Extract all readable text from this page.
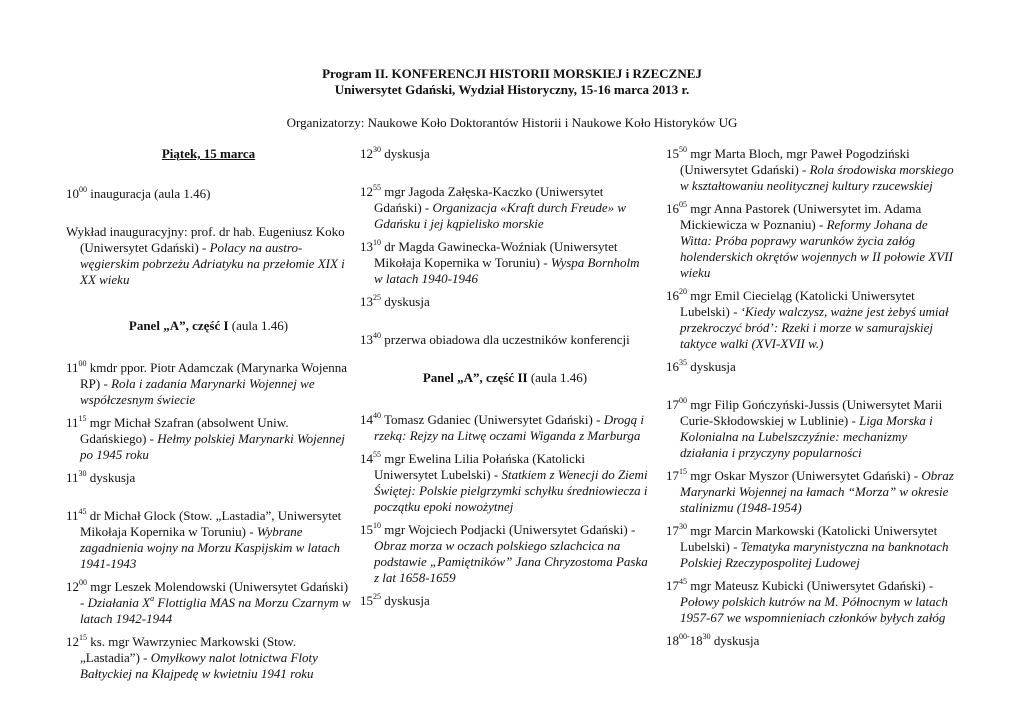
Program II. KONFERENCJI HISTORII MORSKIEJ i RZECZNEJ
Uniwersytet Gdański, Wydział Historyczny, 15-16 marca 2013 r.
Organizatorzy: Naukowe Koło Doktorantów Historii i Naukowe Koło Historyków UG
Piątek, 15 marca

$10^{00}$ inauguracja (aula 1.46)

Wykład inauguracyjny: prof. dr hab. Eugeniusz Koko (Uniwersytet Gdański) - Polacy na austro-węgierskim pobrzeżu Adriatyku na przełomie XIX i XX wieku

Panel „A”, część I (aula 1.46)

$11^{00}$ kmdr ppor. Piotr Adamczak (Marynarka Wojenna RP) - Rola i zadania Marynarki Wojennej we współczesnym świecie

$11^{15}$ mgr Michał Szafran (absolwent Uniw. Gdańskiego) - Hełmy polskiej Marynarki Wojennej po 1945 roku

$11^{30}$ dyskusja

$11^{45}$ dr Michał Glock (Stow. „Lastadia”, Uniwersytet Mikołaja Kopernika w Toruniu) - Wybrane zagadnienia wojny na Morzu Kaspijskim w latach 1941-1943

$12^{00}$ mgr Leszek Molendowski (Uniwersytet Gdański) - Działania $X^a$ Flottiglia MAS na Morzu Czarnym w latach 1942-1944

$12^{15}$ ks. mgr Wawrzyniec Markowski (Stow. „Lastadia”) - Omyłkowy nalot lotnictwa Floty Bałtyckiej na Kłajpedę w kwietniu 1941 roku

$12^{30}$ dyskusja

$12^{55}$ mgr Jagoda Załęska-Kaczko (Uniwersytet Gdański) - Organizacja «Kraft durch Freude» w Gdańsku i jej kąpielisko morskie

$13^{10}$ dr Magda Gawinecka-Woźniak (Uniwersytet Mikołaja Kopernika w Toruniu) - Wyspa Bornholm w latach 1940-1946

$13^{25}$ dyskusja

$13^{40}$ przerwa obiadowa dla uczestników konferencji

Panel „A”, część II (aula 1.46)

$14^{40}$ Tomasz Gdaniec (Uniwersytet Gdański) - Drogą i rzeką: Rejzy na Litwę oczami Wiganda z Marburga

$14^{55}$ mgr Ewelina Lilia Połańska (Katolicki Uniwersytet Lubelski) - Statkiem z Wenecji do Ziemi Świętej: Polskie pielgrzymki schyłku średniowiecza i początku epoki nowożytnej

$15^{10}$ mgr Wojciech Podjacki (Uniwersytet Gdański) - Obraz morza w oczach polskiego szlachcica na podstawie „Pamiętników” Jana Chryzostoma Paska z lat 1658-1659

$15^{25}$ dyskusja

$15^{50}$ mgr Marta Bloch, mgr Paweł Pogodziński (Uniwersytet Gdański) - Rola środowiska morskiego w kształtowaniu neolitycznej kultury rzucewskiej

$16^{05}$ mgr Anna Pastorek (Uniwersytet im. Adama Mickiewicza w Poznaniu) - Reformy Johana de Witta: Próba poprawy warunków życia załóg holenderskich okrętów wojennych w II połowie XVII wieku

$16^{20}$ mgr Emil Ciecieląg (Katolicki Uniwersytet Lubelski) - ‘Kiedy walczysz, ważne jest żebyś umiał przekroczyć bród’: Rzeki i morze w samurajskiej taktyce walki (XVI-XVII w.)

$16^{35}$ dyskusja

$17^{00}$ mgr Filip Gończyński-Jussis (Uniwersytet Marii Curie-Skłodowskiej w Lublinie) - Liga Morska i Kolonialna na Lubelszczyźnie: mechanizmy działania i przyczyny popularności

$17^{15}$ mgr Oskar Myszor (Uniwersytet Gdański) - Obraz Marynarki Wojennej na łamach “Morza” w okresie stalinizmu (1948-1954)

$17^{30}$ mgr Marcin Markowski (Katolicki Uniwersytet Lubelski) - Tematyka marynistyczna na banknotach Polskiej Rzeczypospolitej Ludowej

$17^{45}$ mgr Mateusz Kubicki (Uniwersytet Gdański) - Połowy polskich kutrów na M. Północnym w latach 1957-67 we wspomnieniach członków byłych załóg

$18^{00-}18^{30}$ dyskusja
